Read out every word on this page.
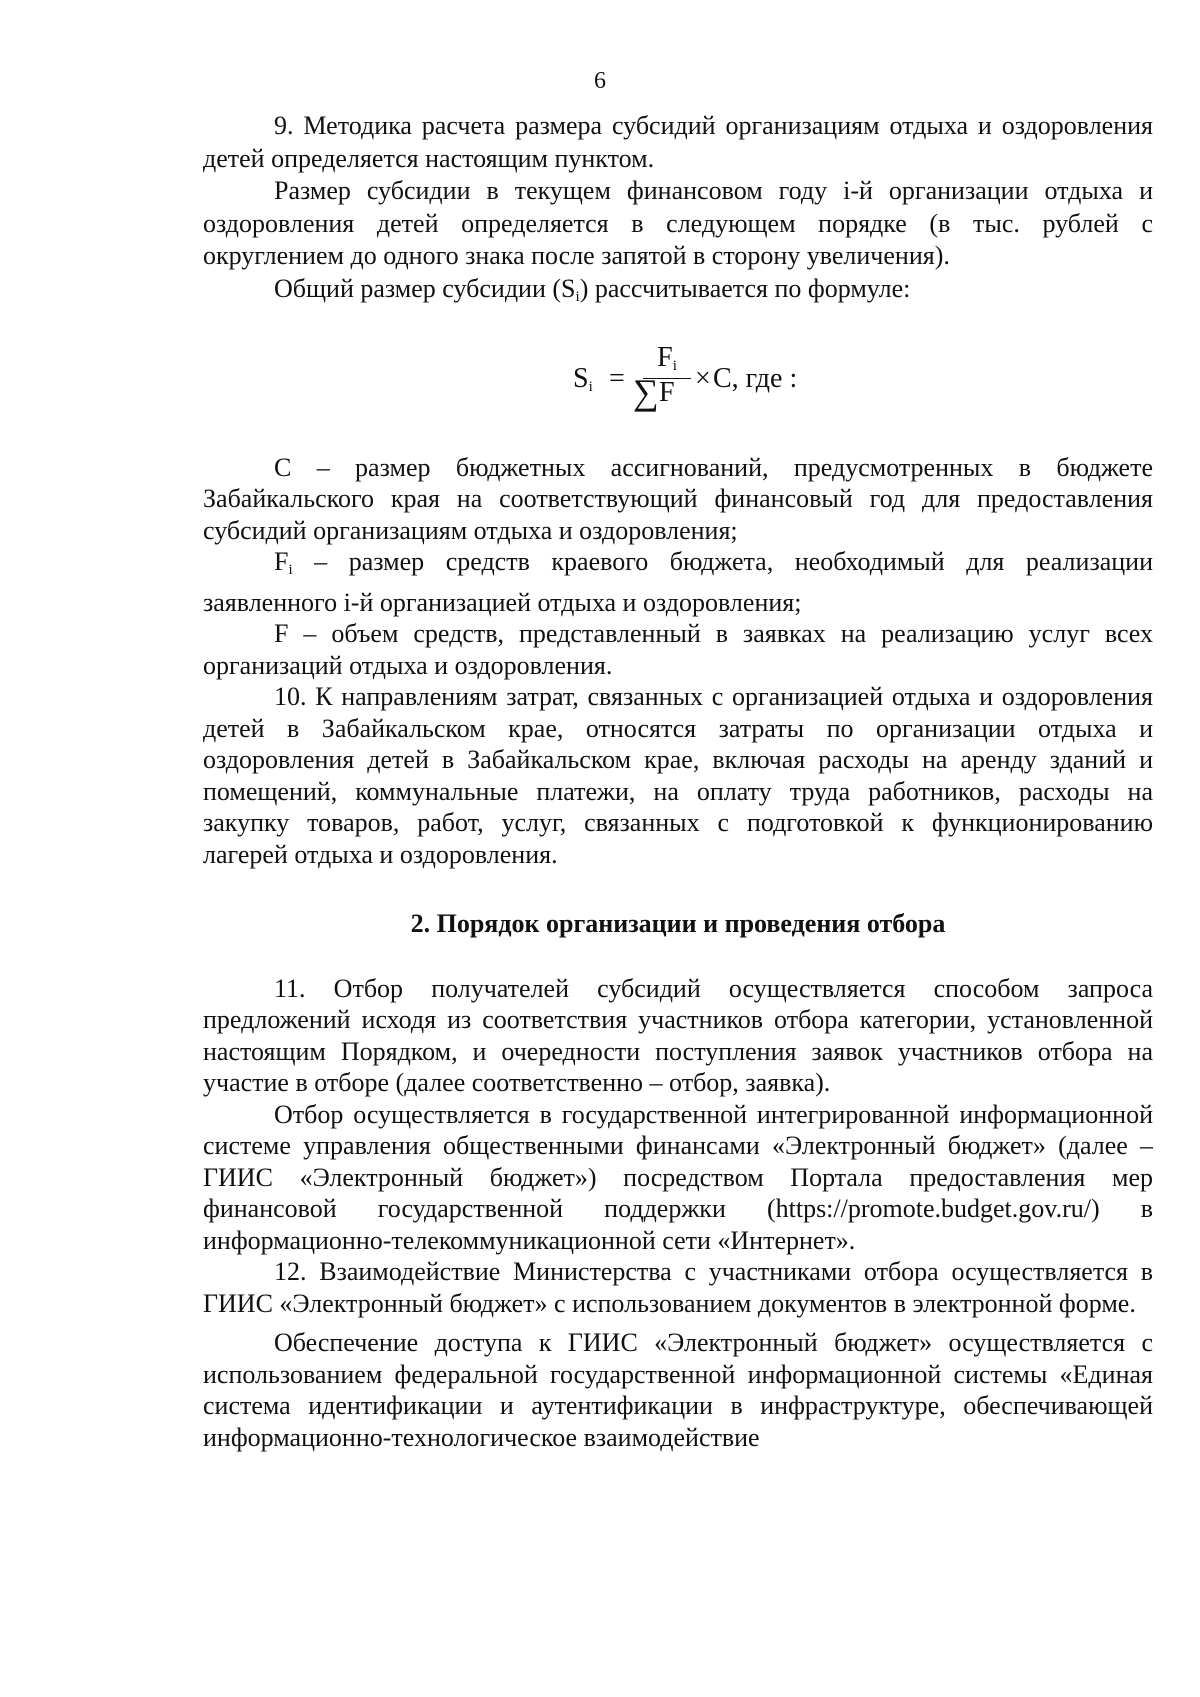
6

9. Методика расчета размера субсидий организациям отдыха и оздоровления детей определяется настоящим пунктом.

Размер субсидии в текущем финансовом году i-й организации отдыха и оздоровления детей определяется в следующем порядке (в тыс. рублей с округлением до одного знака после запятой в сторону увеличения).

Общий размер субсидии $(S_i)$ рассчитывается по формуле:

$S_i$ =
$F_i$
∑ F × C, где :

С – размер бюджетных ассигнований, предусмотренных в бюджете Забайкальского края на соответствующий финансовый год для предоставления субсидий организациям отдыха и оздоровления;

$F_i$ – размер средств краевого бюджета, необходимый для реализации заявленного i-й организацией отдыха и оздоровления;

F – объем средств, представленный в заявках на реализацию услуг всех организаций отдыха и оздоровления.

10. К направлениям затрат, связанных с организацией отдыха и оздоровления детей в Забайкальском крае, относятся затраты по организации отдыха и оздоровления детей в Забайкальском крае, включая расходы на аренду зданий и помещений, коммунальные платежи, на оплату труда работников, расходы на закупку товаров, работ, услуг, связанных с подготовкой к функционированию лагерей отдыха и оздоровления.

2. Порядок организации и проведения отбора

11. Отбор получателей субсидий осуществляется способом запроса предложений исходя из соответствия участников отбора категории, установленной настоящим Порядком, и очередности поступления заявок участников отбора на участие в отборе (далее соответственно – отбор, заявка).

Отбор осуществляется в государственной интегрированной информационной системе управления общественными финансами «Электронный бюджет» (далее – ГИИС «Электронный бюджет») посредством Портала предоставления мер финансовой государственной поддержки (https://promote.budget.gov.ru/) в информационно-телекоммуникационной сети «Интернет».

12. Взаимодействие Министерства с участниками отбора осуществляется в ГИИС «Электронный бюджет» с использованием документов в электронной форме.

Обеспечение доступа к ГИИС «Электронный бюджет» осуществляется с использованием федеральной государственной информационной системы «Единая система идентификации и аутентификации в инфраструктуре, обеспечивающей информационно-технологическое взаимодействие
